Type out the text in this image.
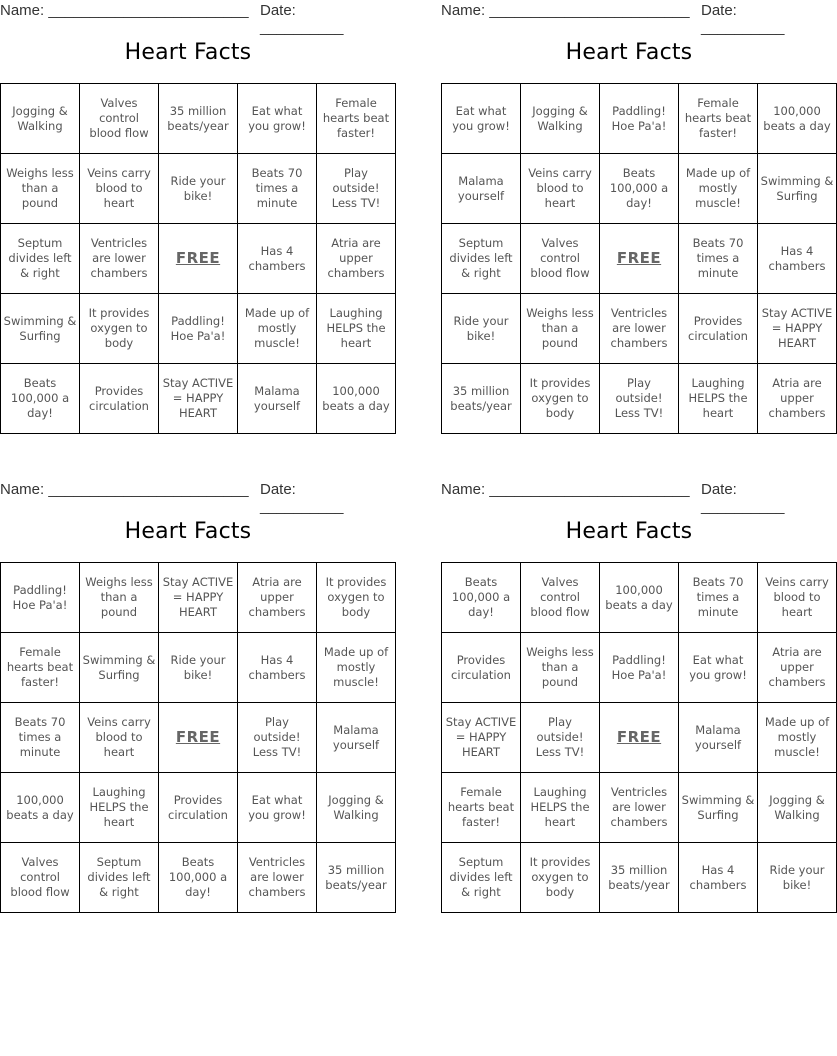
Name: ________________________ Date: __________
Heart Facts
Jogging & Walking	Valves control blood flow	35 million beats/year	Eat what you grow!	Female hearts beat faster!
Weighs less than a pound	Veins carry blood to heart	Ride your bike!	Beats 70 times a minute	Play outside! Less TV!
Septum divides left & right	Ventricles are lower chambers	FREE	Has 4 chambers	Atria are upper chambers
Swimming & Surfing	It provides oxygen to body	Paddling! Hoe Pa'a!	Made up of mostly muscle!	Laughing HELPS the heart
Beats 100,000 a day!	Provides circulation	Stay ACTIVE = HAPPY HEART	Malama yourself	100,000 beats a day
Name: ________________________ Date: __________
Heart Facts
Eat what you grow!	Jogging & Walking	Paddling! Hoe Pa'a!	Female hearts beat faster!	100,000 beats a day
Malama yourself	Veins carry blood to heart	Beats 100,000 a day!	Made up of mostly muscle!	Swimming & Surfing
Septum divides left & right	Valves control blood flow	FREE	Beats 70 times a minute	Has 4 chambers
Ride your bike!	Weighs less than a pound	Ventricles are lower chambers	Provides circulation	Stay ACTIVE = HAPPY HEART
35 million beats/year	It provides oxygen to body	Play outside! Less TV!	Laughing HELPS the heart	Atria are upper chambers
Name: ________________________ Date: __________
Heart Facts
Paddling! Hoe Pa'a!	Weighs less than a pound	Stay ACTIVE = HAPPY HEART	Atria are upper chambers	It provides oxygen to body
Female hearts beat faster!	Swimming & Surfing	Ride your bike!	Has 4 chambers	Made up of mostly muscle!
Beats 70 times a minute	Veins carry blood to heart	FREE	Play outside! Less TV!	Malama yourself
100,000 beats a day	Laughing HELPS the heart	Provides circulation	Eat what you grow!	Jogging & Walking
Valves control blood flow	Septum divides left & right	Beats 100,000 a day!	Ventricles are lower chambers	35 million beats/year
Name: ________________________ Date: __________
Heart Facts
Beats 100,000 a day!	Valves control blood flow	100,000 beats a day	Beats 70 times a minute	Veins carry blood to heart
Provides circulation	Weighs less than a pound	Paddling! Hoe Pa'a!	Eat what you grow!	Atria are upper chambers
Stay ACTIVE = HAPPY HEART	Play outside! Less TV!	FREE	Malama yourself	Made up of mostly muscle!
Female hearts beat faster!	Laughing HELPS the heart	Ventricles are lower chambers	Swimming & Surfing	Jogging & Walking
Septum divides left & right	It provides oxygen to body	35 million beats/year	Has 4 chambers	Ride your bike!
